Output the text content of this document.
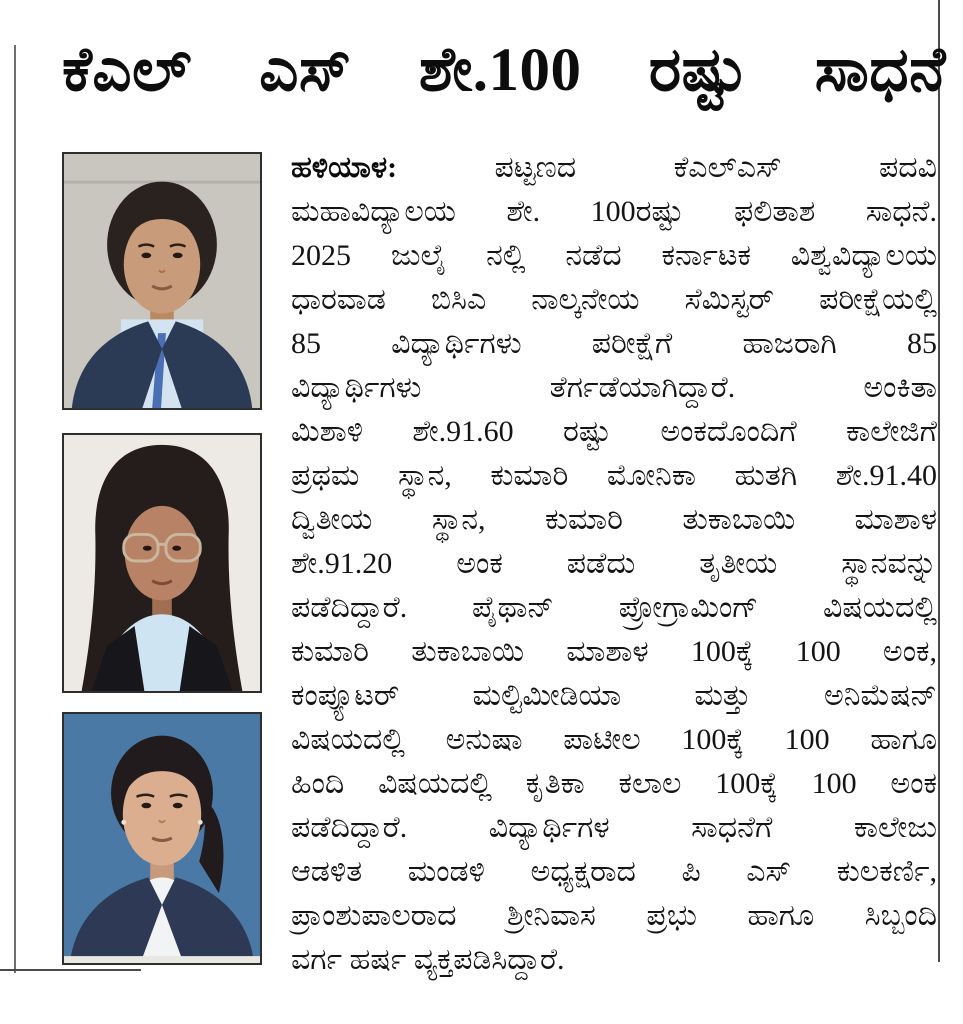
ಕೆಎಲ್ ಎಸ್ ಶೇ.100 ರಷ್ಟು ಸಾಧನೆ
ಹಳಿಯಾಳ: ಪಟ್ಟಣದ ಕೆಎಲ್ಎಸ್ ಪದವಿ
ಮಹಾವಿದ್ಯಾಲಯ ಶೇ. 100ರಷ್ಟು ಫಲಿತಾಶ ಸಾಧನೆ.
2025 ಜುಲೈ ನಲ್ಲಿ ನಡೆದ ಕರ್ನಾಟಕ ವಿಶ್ವವಿದ್ಯಾಲಯ
ಧಾರವಾಡ ಬಿಸಿಎ ನಾಲ್ಕನೇಯ ಸೆಮಿಸ್ಟರ್ ಪರೀಕ್ಷೆಯಲ್ಲಿ
85 ವಿದ್ಯಾರ್ಥಿಗಳು ಪರೀಕ್ಷೆಗೆ ಹಾಜರಾಗಿ 85
ವಿದ್ಯಾರ್ಥಿಗಳು ತೆರ್ಗಡೆಯಾಗಿದ್ದಾರೆ. ಅಂಕಿತಾ
ಮಿಶಾಳಿ ಶೇ.91.60 ರಷ್ಟು ಅಂಕದೊಂದಿಗೆ ಕಾಲೇಜಿಗೆ
ಪ್ರಥಮ ಸ್ಥಾನ, ಕುಮಾರಿ ಮೋನಿಕಾ ಹುತಗಿ ಶೇ.91.40
ದ್ವಿತೀಯ ಸ್ಥಾನ, ಕುಮಾರಿ ತುಕಾಬಾಯಿ ಮಾಶಾಳ
ಶೇ.91.20 ಅಂಕ ಪಡೆದು ತೃತೀಯ ಸ್ಥಾನವನ್ನು
ಪಡೆದಿದ್ದಾರೆ. ಪೈಥಾನ್ ಪ್ರೋಗ್ರಾಮಿಂಗ್ ವಿಷಯದಲ್ಲಿ
ಕುಮಾರಿ ತುಕಾಬಾಯಿ ಮಾಶಾಳ 100ಕ್ಕೆ 100 ಅಂಕ,
ಕಂಪ್ಯೂಟರ್ ಮಲ್ಟಿಮೀಡಿಯಾ ಮತ್ತು ಅನಿಮೆಷನ್
ವಿಷಯದಲ್ಲಿ ಅನುಷಾ ಪಾಟೀಲ 100ಕ್ಕೆ 100 ಹಾಗೂ
ಹಿಂದಿ ವಿಷಯದಲ್ಲಿ ಕೃತಿಕಾ ಕಲಾಲ 100ಕ್ಕೆ 100 ಅಂಕ
ಪಡೆದಿದ್ದಾರೆ. ವಿದ್ಯಾರ್ಥಿಗಳ ಸಾಧನೆಗೆ ಕಾಲೇಜು
ಆಡಳಿತ ಮಂಡಳಿ ಅಧ್ಯಕ್ಷರಾದ ಪಿ ಎಸ್ ಕುಲಕರ್ಣಿ,
ಪ್ರಾಂಶುಪಾಲರಾದ ಶ್ರೀನಿವಾಸ ಪ್ರಭು ಹಾಗೂ ಸಿಬ್ಬಂದಿ
ವರ್ಗ ಹರ್ಷ ವ್ಯಕ್ತಪಡಿಸಿದ್ದಾರೆ.
